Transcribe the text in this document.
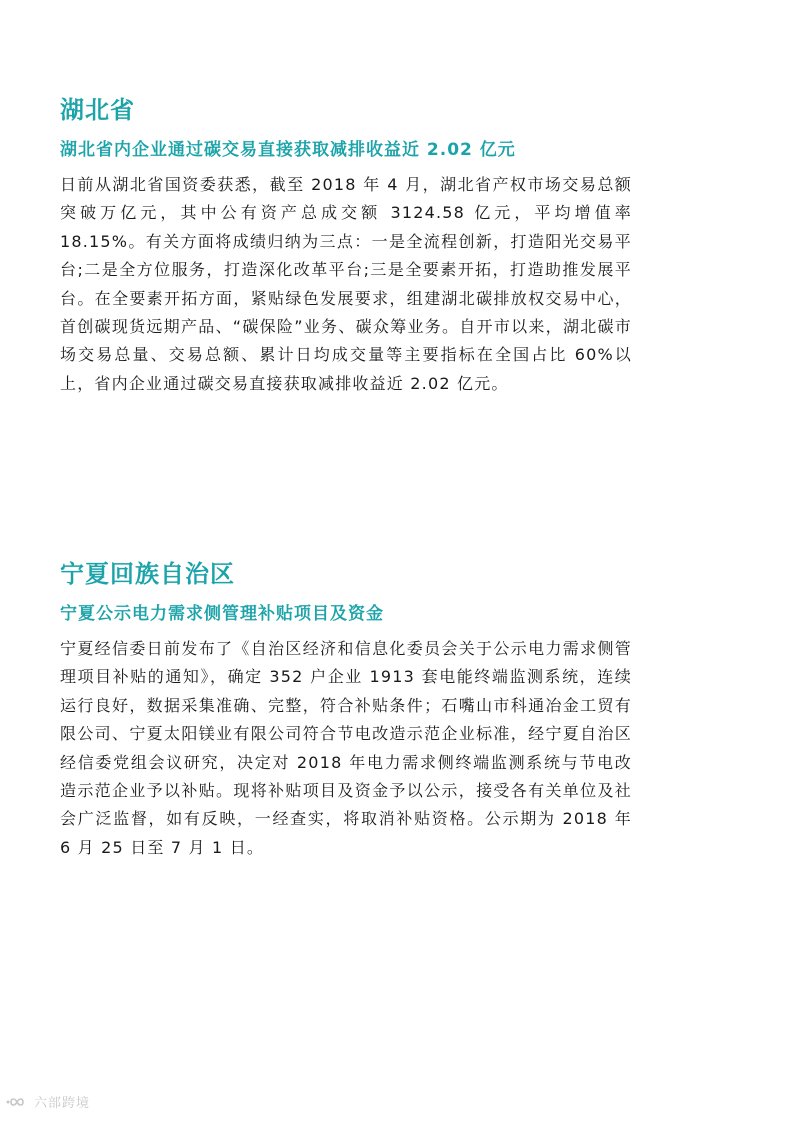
湖北省
湖北省内企业通过碳交易直接获取减排收益近 2.02 亿元

日前从湖北省国资委获悉，截至 2018 年 4 月，湖北省产权市场交易总额突破万亿元，其中公有资产总成交额 3124.58 亿元，平均增值率 18.15%。有关方面将成绩归纳为三点：一是全流程创新，打造阳光交易平台;二是全方位服务，打造深化改革平台;三是全要素开拓，打造助推发展平台。在全要素开拓方面，紧贴绿色发展要求，组建湖北碳排放权交易中心，首创碳现货远期产品、“碳保险”业务、碳众筹业务。自开市以来，湖北碳市场交易总量、交易总额、累计日均成交量等主要指标在全国占比 60%以上，省内企业通过碳交易直接获取减排收益近 2.02 亿元。

宁夏回族自治区
宁夏公示电力需求侧管理补贴项目及资金

宁夏经信委日前发布了《自治区经济和信息化委员会关于公示电力需求侧管理项目补贴的通知》，确定 352 户企业 1913 套电能终端监测系统，连续运行良好，数据采集准确、完整，符合补贴条件；石嘴山市科通冶金工贸有限公司、宁夏太阳镁业有限公司符合节电改造示范企业标准，经宁夏自治区经信委党组会议研究，决定对 2018 年电力需求侧终端监测系统与节电改造示范企业予以补贴。现将补贴项目及资金予以公示，接受各有关单位及社会广泛监督，如有反映，一经查实，将取消补贴资格。公示期为 2018 年 6 月 25 日至 7 月 1 日。

六部跨境
